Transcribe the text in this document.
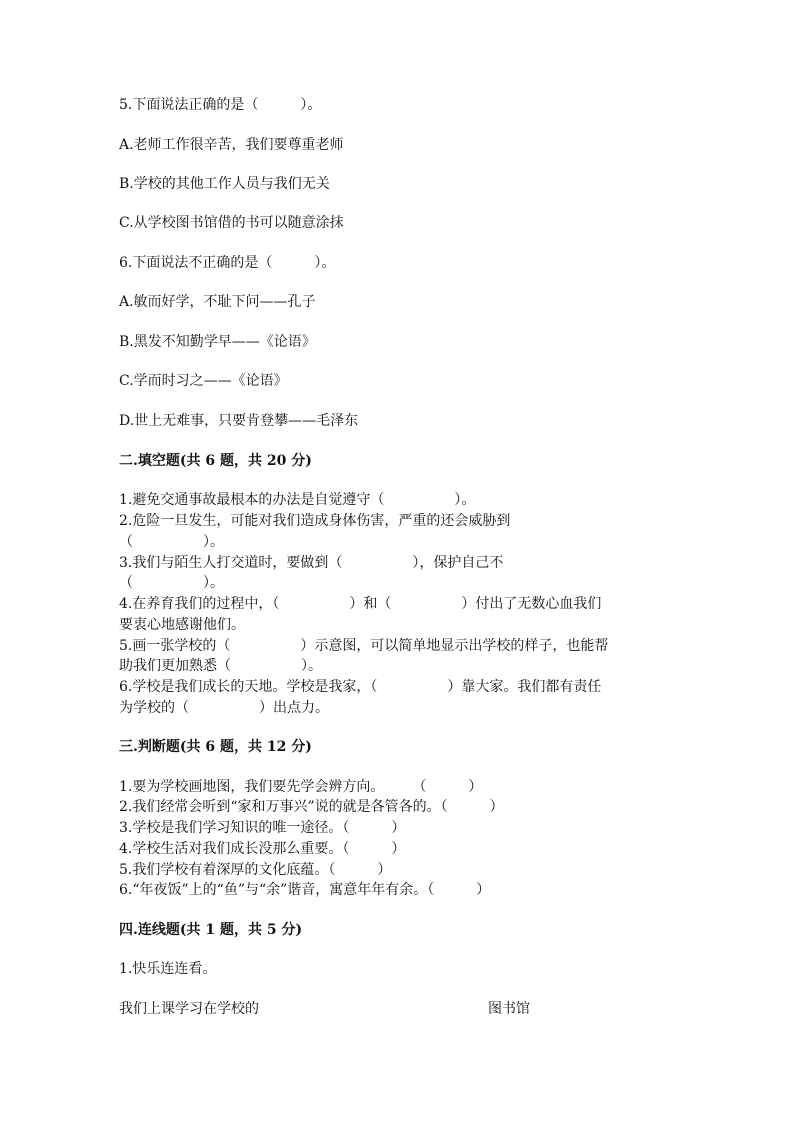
5.下面说法正确的是（　　　）。
A.老师工作很辛苦，我们要尊重老师
B.学校的其他工作人员与我们无关
C.从学校图书馆借的书可以随意涂抹
6.下面说法不正确的是（　　　）。
A.敏而好学，不耻下问——孔子
B.黑发不知勤学早——《论语》
C.学而时习之——《论语》
D.世上无难事，只要肯登攀——毛泽东
二.填空题(共 6 题，共 20 分)
1.避免交通事故最根本的办法是自觉遵守（　　　　　）。
2.危险一旦发生，可能对我们造成身体伤害，严重的还会威胁到
（　　　　　）。
3.我们与陌生人打交道时，要做到（　　　　　），保护自己不
（　　　　　）。
4.在养育我们的过程中，（　　　　　）和（　　　　　）付出了无数心血我们
要衷心地感谢他们。
5.画一张学校的（　　　　　）示意图，可以简单地显示出学校的样子，也能帮
助我们更加熟悉（　　　　　）。
6.学校是我们成长的天地。学校是我家，（　　　　　）靠大家。我们都有责任
为学校的（　　　　　）出点力。
三.判断题(共 6 题，共 12 分)
1.要为学校画地图，我们要先学会辨方向。　　　（　　　）
2.我们经常会听到“家和万事兴”说的就是各管各的。（　　　）
3.学校是我们学习知识的唯一途径。（　　　）
4.学校生活对我们成长没那么重要。（　　　）
5.我们学校有着深厚的文化底蕴。（　　　）
6.“年夜饭”上的“鱼”与“余”谐音，寓意年年有余。（　　　）
四.连线题(共 1 题，共 5 分)
1.快乐连连看。
我们上课学习在学校的	图书馆
